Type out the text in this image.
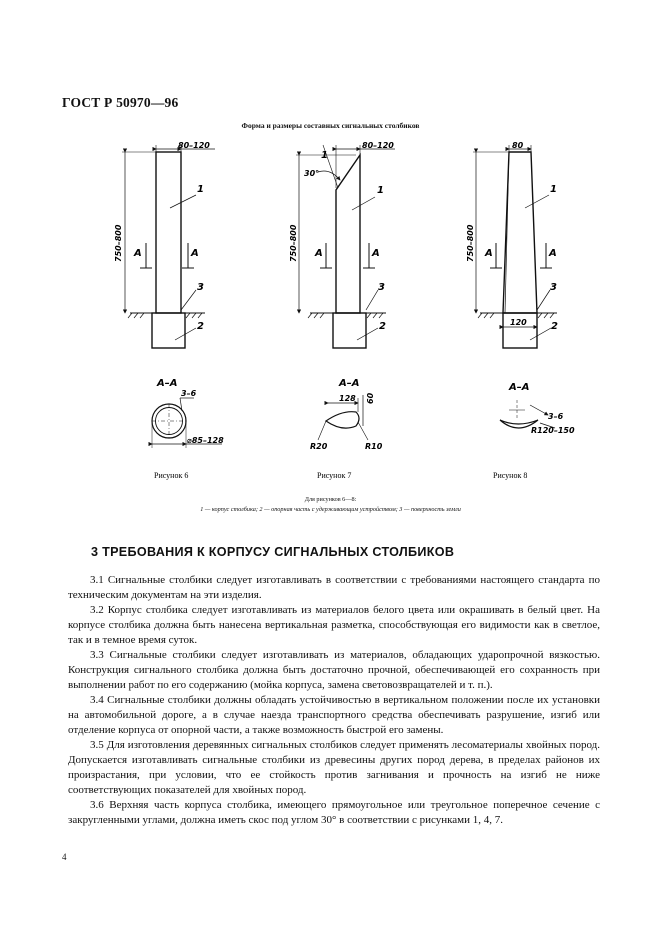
ГОСТ Р 50970—96
Форма и размеры составных сигнальных столбиков
80–120
750–800 A	A
1
3
2
А–А
3–6
⌀85–128
Рисунок 6
80–120
30°
1
750–800 A	A
1
3
2
А–А
128 60
R20	R10
Рисунок 7
80
750–800 A	A
1
3
2
120
А–А
3–6
R120–150
Рисунок 8
Для рисунков 6—8:
1 — корпус столбика; 2 — опорная часть с удерживающим устройством; 3 — поверхность земли
3 ТРЕБОВАНИЯ К КОРПУСУ СИГНАЛЬНЫХ СТОЛБИКОВ

3.1 Сигнальные столбики следует изготавливать в соответствии с требованиями настоящего стандарта по техническим документам на эти изделия.

3.2 Корпус столбика следует изготавливать из материалов белого цвета или окрашивать в белый цвет. На корпусе столбика должна быть нанесена вертикальная разметка, способствующая его видимости как в светлое, так и в темное время суток.

3.3 Сигнальные столбики следует изготавливать из материалов, обладающих ударопрочной вязкостью. Конструкция сигнального столбика должна быть достаточно прочной, обеспечивающей его сохранность при выполнении работ по его содержанию (мойка корпуса, замена световозвращателей и т. п.).

3.4 Сигнальные столбики должны обладать устойчивостью в вертикальном положении после их установки на автомобильной дороге, а в случае наезда транспортного средства обеспечивать разрушение, изгиб или отделение корпуса от опорной части, а также возможность быстрой его замены.

3.5 Для изготовления деревянных сигнальных столбиков следует применять лесоматериалы хвойных пород. Допускается изготавливать сигнальные столбики из древесины других пород дерева, в пределах районов их произрастания, при условии, что ее стойкость против загнивания и прочность на изгиб не ниже соответствующих показателей для хвойных пород.

3.6 Верхняя часть корпуса столбика, имеющего прямоугольное или треугольное поперечное сечение с закругленными углами, должна иметь скос под углом 30° в соответствии с рисунками 1, 4, 7.

4
